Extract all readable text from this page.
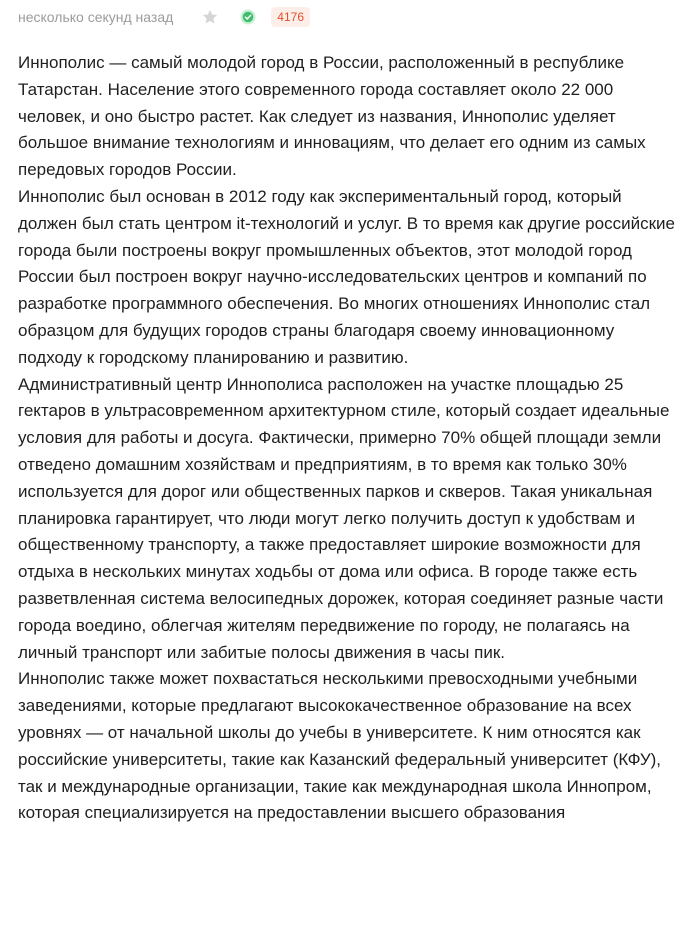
несколько секунд назад	4176

Иннополис — самый молодой город в России, расположенный в республике Татарстан. Население этого современного города составляет около 22 000 человек, и оно быстро растет. Как следует из названия, Иннополис уделяет большое внимание технологиям и инновациям, что делает его одним из самых передовых городов России.

Иннополис был основан в 2012 году как экспериментальный город, который должен был стать центром it-технологий и услуг. В то время как другие российские города были построены вокруг промышленных объектов, этот молодой город России был построен вокруг научно-исследовательских центров и компаний по разработке программного обеспечения. Во многих отношениях Иннополис стал образцом для будущих городов страны благодаря своему инновационному подходу к городскому планированию и развитию.

Административный центр Иннополиса расположен на участке площадью 25 гектаров в ультрасовременном архитектурном стиле, который создает идеальные условия для работы и досуга. Фактически, примерно 70% общей площади земли отведено домашним хозяйствам и предприятиям, в то время как только 30% используется для дорог или общественных парков и скверов. Такая уникальная планировка гарантирует, что люди могут легко получить доступ к удобствам и общественному транспорту, а также предоставляет широкие возможности для отдыха в нескольких минутах ходьбы от дома или офиса. В городе также есть разветвленная система велосипедных дорожек, которая соединяет разные части города воедино, облегчая жителям передвижение по городу, не полагаясь на личный транспорт или забитые полосы движения в часы пик.

Иннополис также может похвастаться несколькими превосходными учебными заведениями, которые предлагают высококачественное образование на всех уровнях — от начальной школы до учебы в университете. К ним относятся как российские университеты, такие как Казанский федеральный университет (КФУ), так и международные организации, такие как международная школа Иннопром, которая специализируется на предоставлении высшего образования
